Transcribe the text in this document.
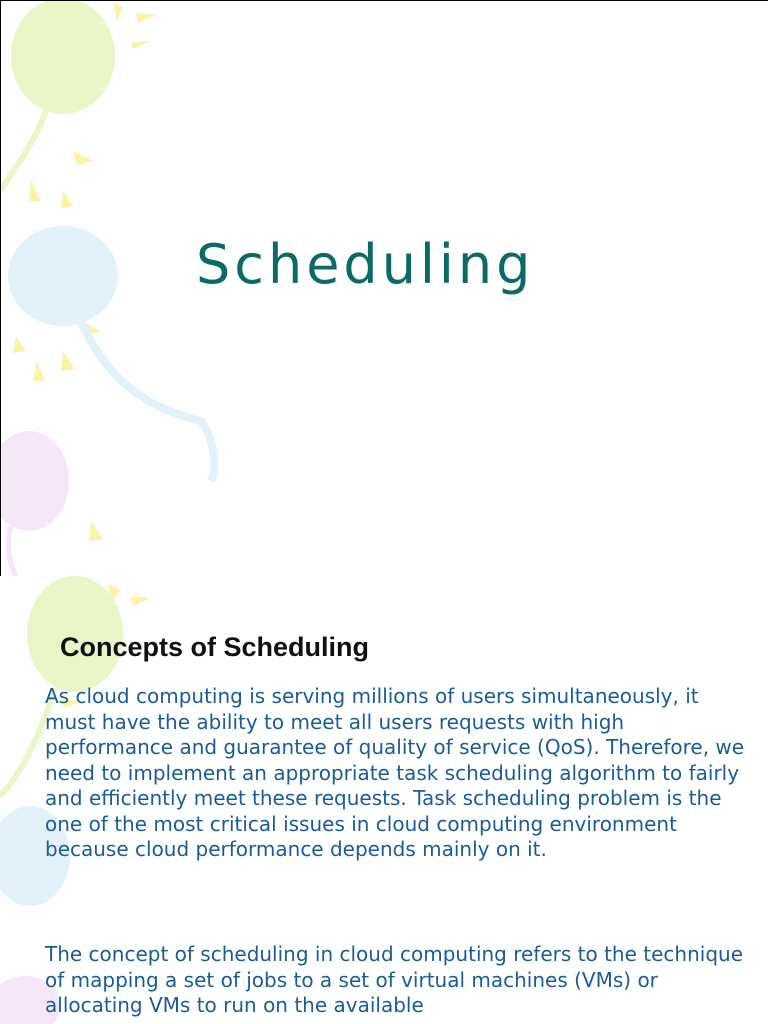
Scheduling
Concepts of Scheduling

As cloud computing is serving millions of users simultaneously, it must have the ability to meet all users requests with high performance and guarantee of quality of service (QoS). Therefore, we need to implement an appropriate task scheduling algorithm to fairly and efficiently meet these requests. Task scheduling problem is the one of the most critical issues in cloud computing environment because cloud performance depends mainly on it.

The concept of scheduling in cloud computing refers to the technique of mapping a set of jobs to a set of virtual machines (VMs) or allocating VMs to run on the available
